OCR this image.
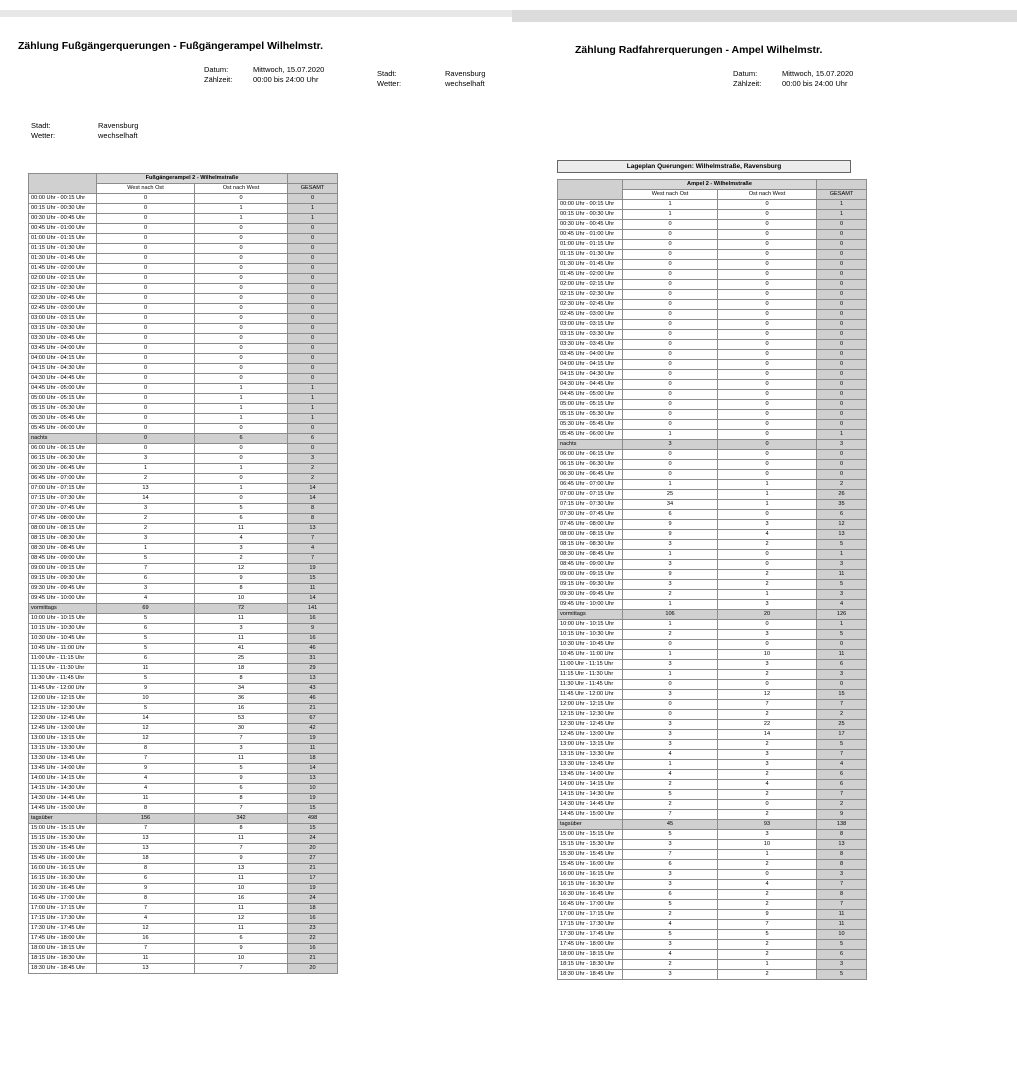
Zählung Fußgängerquerungen - Fußgängerampel Wilhelmstr.
Datum:	Mittwoch, 15.07.2020
Zählzeit:	00:00 bis 24:00 Uhr
Stadt:	Ravensburg
Wetter:	wechselhaft
Stadt:	Ravensburg
Wetter:	wechselhaft
	Fußgängerampel 2 - Wilhelmstraße		
	West nach Ost	Ost nach West	GESAMT
00:00 Uhr - 00:15 Uhr	0	0	0
00:15 Uhr - 00:30 Uhr	0	1	1
00:30 Uhr - 00:45 Uhr	0	1	1
00:45 Uhr - 01:00 Uhr	0	0	0
01:00 Uhr - 01:15 Uhr	0	0	0
01:15 Uhr - 01:30 Uhr	0	0	0
01:30 Uhr - 01:45 Uhr	0	0	0
01:45 Uhr - 02:00 Uhr	0	0	0
02:00 Uhr - 02:15 Uhr	0	0	0
02:15 Uhr - 02:30 Uhr	0	0	0
02:30 Uhr - 02:45 Uhr	0	0	0
02:45 Uhr - 03:00 Uhr	0	0	0
03:00 Uhr - 03:15 Uhr	0	0	0
03:15 Uhr - 03:30 Uhr	0	0	0
03:30 Uhr - 03:45 Uhr	0	0	0
03:45 Uhr - 04:00 Uhr	0	0	0
04:00 Uhr - 04:15 Uhr	0	0	0
04:15 Uhr - 04:30 Uhr	0	0	0
04:30 Uhr - 04:45 Uhr	0	0	0
04:45 Uhr - 05:00 Uhr	0	1	1
05:00 Uhr - 05:15 Uhr	0	1	1
05:15 Uhr - 05:30 Uhr	0	1	1
05:30 Uhr - 05:45 Uhr	0	1	1
05:45 Uhr - 06:00 Uhr	0	0	0
nachts	0	6	6
06:00 Uhr - 06:15 Uhr	0	0	0
06:15 Uhr - 06:30 Uhr	3	0	3
06:30 Uhr - 06:45 Uhr	1	1	2
06:45 Uhr - 07:00 Uhr	2	0	2
07:00 Uhr - 07:15 Uhr	13	1	14
07:15 Uhr - 07:30 Uhr	14	0	14
07:30 Uhr - 07:45 Uhr	3	5	8
07:45 Uhr - 08:00 Uhr	2	6	8
08:00 Uhr - 08:15 Uhr	2	11	13
08:15 Uhr - 08:30 Uhr	3	4	7
08:30 Uhr - 08:45 Uhr	1	3	4
08:45 Uhr - 09:00 Uhr	5	2	7
09:00 Uhr - 09:15 Uhr	7	12	19
09:15 Uhr - 09:30 Uhr	6	9	15
09:30 Uhr - 09:45 Uhr	3	8	11
09:45 Uhr - 10:00 Uhr	4	10	14
vormittags	69	72	141
10:00 Uhr - 10:15 Uhr	5	11	16
10:15 Uhr - 10:30 Uhr	6	3	9
10:30 Uhr - 10:45 Uhr	5	11	16
10:45 Uhr - 11:00 Uhr	5	41	46
11:00 Uhr - 11:15 Uhr	6	25	31
11:15 Uhr - 11:30 Uhr	11	18	29
11:30 Uhr - 11:45 Uhr	5	8	13
11:45 Uhr - 12:00 Uhr	9	34	43
12:00 Uhr - 12:15 Uhr	10	36	46
12:15 Uhr - 12:30 Uhr	5	16	21
12:30 Uhr - 12:45 Uhr	14	53	67
12:45 Uhr - 13:00 Uhr	12	30	42
13:00 Uhr - 13:15 Uhr	12	7	19
13:15 Uhr - 13:30 Uhr	8	3	11
13:30 Uhr - 13:45 Uhr	7	11	18
13:45 Uhr - 14:00 Uhr	9	5	14
14:00 Uhr - 14:15 Uhr	4	9	13
14:15 Uhr - 14:30 Uhr	4	6	10
14:30 Uhr - 14:45 Uhr	11	8	19
14:45 Uhr - 15:00 Uhr	8	7	15
tagsüber	156	342	498
15:00 Uhr - 15:15 Uhr	7	8	15
15:15 Uhr - 15:30 Uhr	13	11	24
15:30 Uhr - 15:45 Uhr	13	7	20
15:45 Uhr - 16:00 Uhr	18	9	27
16:00 Uhr - 16:15 Uhr	8	13	21
16:15 Uhr - 16:30 Uhr	6	11	17
16:30 Uhr - 16:45 Uhr	9	10	19
16:45 Uhr - 17:00 Uhr	8	16	24
17:00 Uhr - 17:15 Uhr	7	11	18
17:15 Uhr - 17:30 Uhr	4	12	16
17:30 Uhr - 17:45 Uhr	12	11	23
17:45 Uhr - 18:00 Uhr	16	6	22
18:00 Uhr - 18:15 Uhr	7	9	16
18:15 Uhr - 18:30 Uhr	11	10	21
18:30 Uhr - 18:45 Uhr	13	7	20
Zählung Radfahrerquerungen - Ampel Wilhelmstr.
Datum:	Mittwoch, 15.07.2020
Zählzeit:	00:00 bis 24:00 Uhr
Lageplan Querungen: Wilhelmstraße, Ravensburg
	Ampel 2 - Wilhelmstraße		
	West nach Ost	Ost nach West	GESAMT
00:00 Uhr - 00:15 Uhr	1	0	1
00:15 Uhr - 00:30 Uhr	1	0	1
00:30 Uhr - 00:45 Uhr	0	0	0
00:45 Uhr - 01:00 Uhr	0	0	0
01:00 Uhr - 01:15 Uhr	0	0	0
01:15 Uhr - 01:30 Uhr	0	0	0
01:30 Uhr - 01:45 Uhr	0	0	0
01:45 Uhr - 02:00 Uhr	0	0	0
02:00 Uhr - 02:15 Uhr	0	0	0
02:15 Uhr - 02:30 Uhr	0	0	0
02:30 Uhr - 02:45 Uhr	0	0	0
02:45 Uhr - 03:00 Uhr	0	0	0
03:00 Uhr - 03:15 Uhr	0	0	0
03:15 Uhr - 03:30 Uhr	0	0	0
03:30 Uhr - 03:45 Uhr	0	0	0
03:45 Uhr - 04:00 Uhr	0	0	0
04:00 Uhr - 04:15 Uhr	0	0	0
04:15 Uhr - 04:30 Uhr	0	0	0
04:30 Uhr - 04:45 Uhr	0	0	0
04:45 Uhr - 05:00 Uhr	0	0	0
05:00 Uhr - 05:15 Uhr	0	0	0
05:15 Uhr - 05:30 Uhr	0	0	0
05:30 Uhr - 05:45 Uhr	0	0	0
05:45 Uhr - 06:00 Uhr	1	0	1
nachts	3	0	3
06:00 Uhr - 06:15 Uhr	0	0	0
06:15 Uhr - 06:30 Uhr	0	0	0
06:30 Uhr - 06:45 Uhr	0	0	0
06:45 Uhr - 07:00 Uhr	1	1	2
07:00 Uhr - 07:15 Uhr	25	1	26
07:15 Uhr - 07:30 Uhr	34	1	35
07:30 Uhr - 07:45 Uhr	6	0	6
07:45 Uhr - 08:00 Uhr	9	3	12
08:00 Uhr - 08:15 Uhr	9	4	13
08:15 Uhr - 08:30 Uhr	3	2	5
08:30 Uhr - 08:45 Uhr	1	0	1
08:45 Uhr - 09:00 Uhr	3	0	3
09:00 Uhr - 09:15 Uhr	9	2	11
09:15 Uhr - 09:30 Uhr	3	2	5
09:30 Uhr - 09:45 Uhr	2	1	3
09:45 Uhr - 10:00 Uhr	1	3	4
vormittags	106	20	126
10:00 Uhr - 10:15 Uhr	1	0	1
10:15 Uhr - 10:30 Uhr	2	3	5
10:30 Uhr - 10:45 Uhr	0	0	0
10:45 Uhr - 11:00 Uhr	1	10	11
11:00 Uhr - 11:15 Uhr	3	3	6
11:15 Uhr - 11:30 Uhr	1	2	3
11:30 Uhr - 11:45 Uhr	0	0	0
11:45 Uhr - 12:00 Uhr	3	12	15
12:00 Uhr - 12:15 Uhr	0	7	7
12:15 Uhr - 12:30 Uhr	0	2	2
12:30 Uhr - 12:45 Uhr	3	22	25
12:45 Uhr - 13:00 Uhr	3	14	17
13:00 Uhr - 13:15 Uhr	3	2	5
13:15 Uhr - 13:30 Uhr	4	3	7
13:30 Uhr - 13:45 Uhr	1	3	4
13:45 Uhr - 14:00 Uhr	4	2	6
14:00 Uhr - 14:15 Uhr	2	4	6
14:15 Uhr - 14:30 Uhr	5	2	7
14:30 Uhr - 14:45 Uhr	2	0	2
14:45 Uhr - 15:00 Uhr	7	2	9
tagsüber	45	93	138
15:00 Uhr - 15:15 Uhr	5	3	8
15:15 Uhr - 15:30 Uhr	3	10	13
15:30 Uhr - 15:45 Uhr	7	1	8
15:45 Uhr - 16:00 Uhr	6	2	8
16:00 Uhr - 16:15 Uhr	3	0	3
16:15 Uhr - 16:30 Uhr	3	4	7
16:30 Uhr - 16:45 Uhr	6	2	8
16:45 Uhr - 17:00 Uhr	5	2	7
17:00 Uhr - 17:15 Uhr	2	9	11
17:15 Uhr - 17:30 Uhr	4	7	11
17:30 Uhr - 17:45 Uhr	5	5	10
17:45 Uhr - 18:00 Uhr	3	2	5
18:00 Uhr - 18:15 Uhr	4	2	6
18:15 Uhr - 18:30 Uhr	2	1	3
18:30 Uhr - 18:45 Uhr	3	2	5
